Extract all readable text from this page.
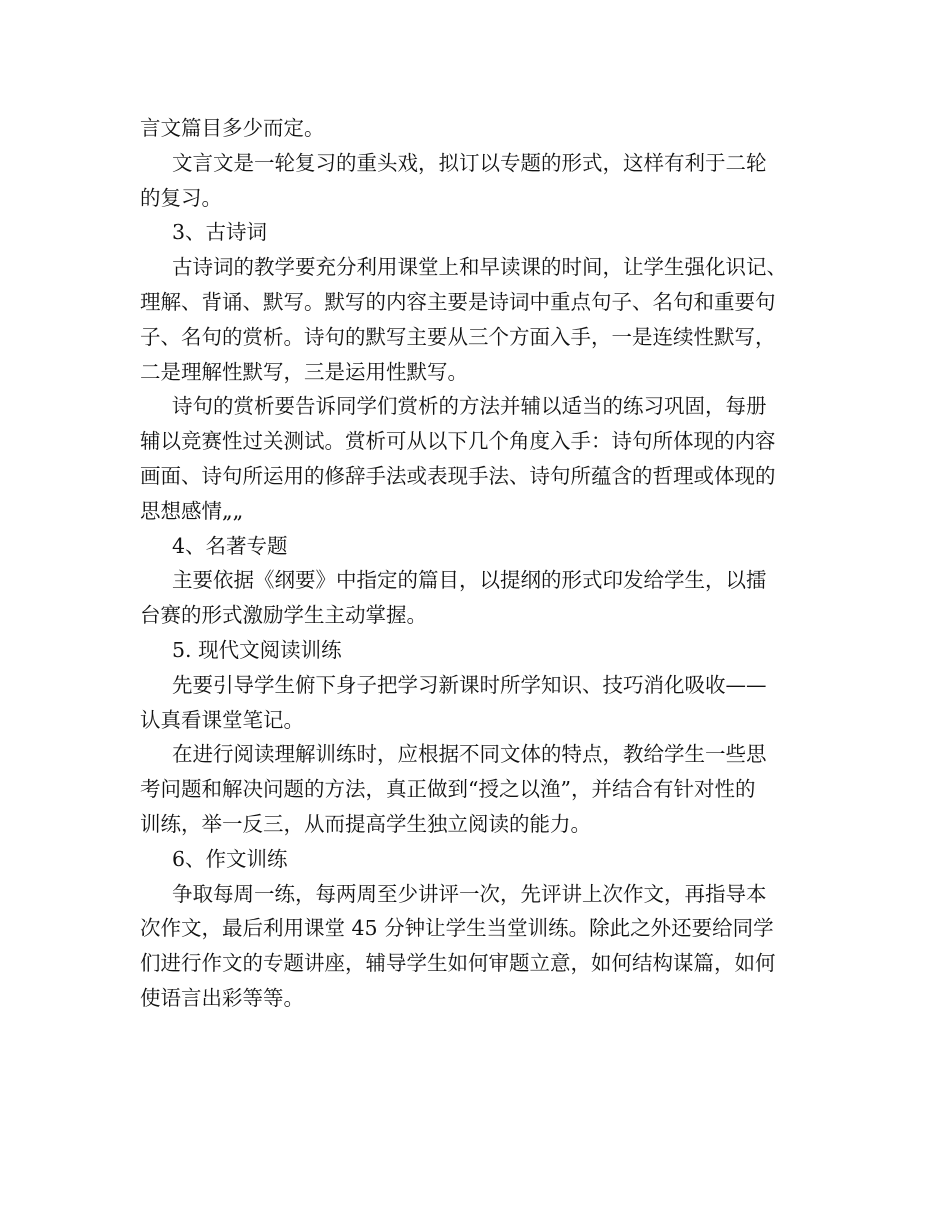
言文篇目多少而定。

文言文是一轮复习的重头戏，拟订以专题的形式，这样有利于二轮

的复习。

3、古诗词

古诗词的教学要充分利用课堂上和早读课的时间，让学生强化识记、

理解、背诵、默写。默写的内容主要是诗词中重点句子、名句和重要句

子、名句的赏析。诗句的默写主要从三个方面入手，一是连续性默写，

二是理解性默写，三是运用性默写。

诗句的赏析要告诉同学们赏析的方法并辅以适当的练习巩固，每册

辅以竞赛性过关测试。赏析可从以下几个角度入手：诗句所体现的内容

画面、诗句所运用的修辞手法或表现手法、诗句所蕴含的哲理或体现的

思想感情„„

4、名著专题

主要依据《纲要》中指定的篇目，以提纲的形式印发给学生，以擂

台赛的形式激励学生主动掌握。

5. 现代文阅读训练

先要引导学生俯下身子把学习新课时所学知识、技巧消化吸收——

认真看课堂笔记。

在进行阅读理解训练时，应根据不同文体的特点，教给学生一些思

考问题和解决问题的方法，真正做到“授之以渔”，并结合有针对性的

训练，举一反三，从而提高学生独立阅读的能力。

6、作文训练

争取每周一练，每两周至少讲评一次，先评讲上次作文，再指导本

次作文，最后利用课堂 45 分钟让学生当堂训练。除此之外还要给同学

们进行作文的专题讲座，辅导学生如何审题立意，如何结构谋篇，如何

使语言出彩等等。
